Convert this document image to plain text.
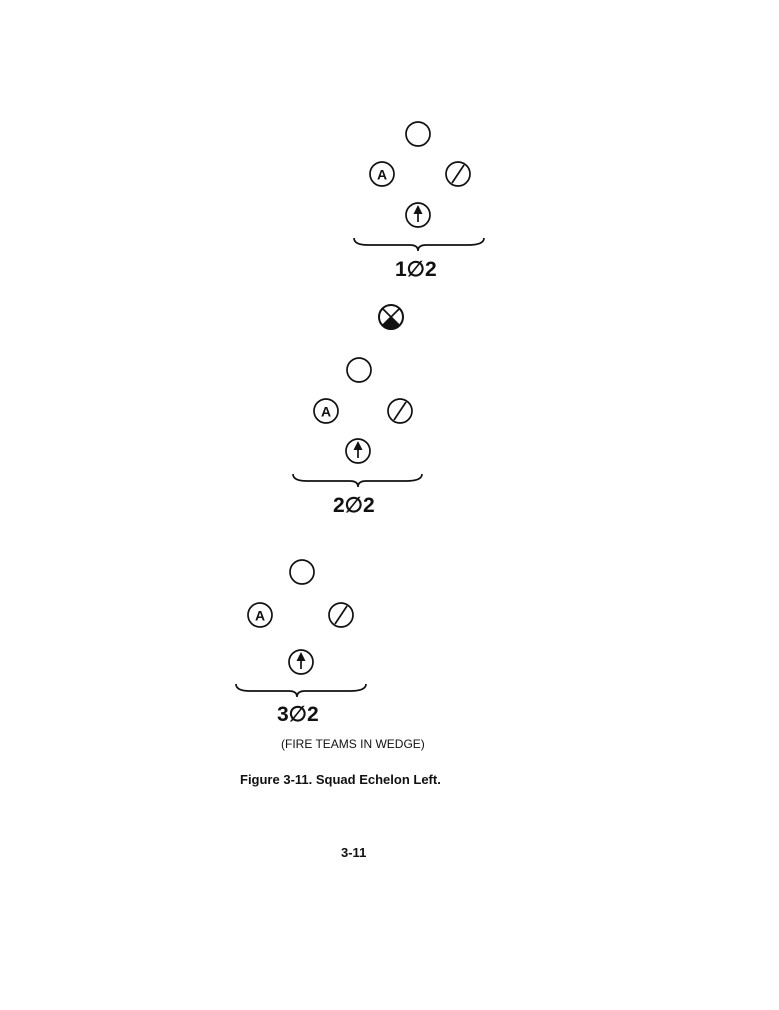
A
A
A
1∅2
2∅2
3∅2
(FIRE TEAMS IN WEDGE)
Figure 3-11. Squad Echelon Left.
3-11
